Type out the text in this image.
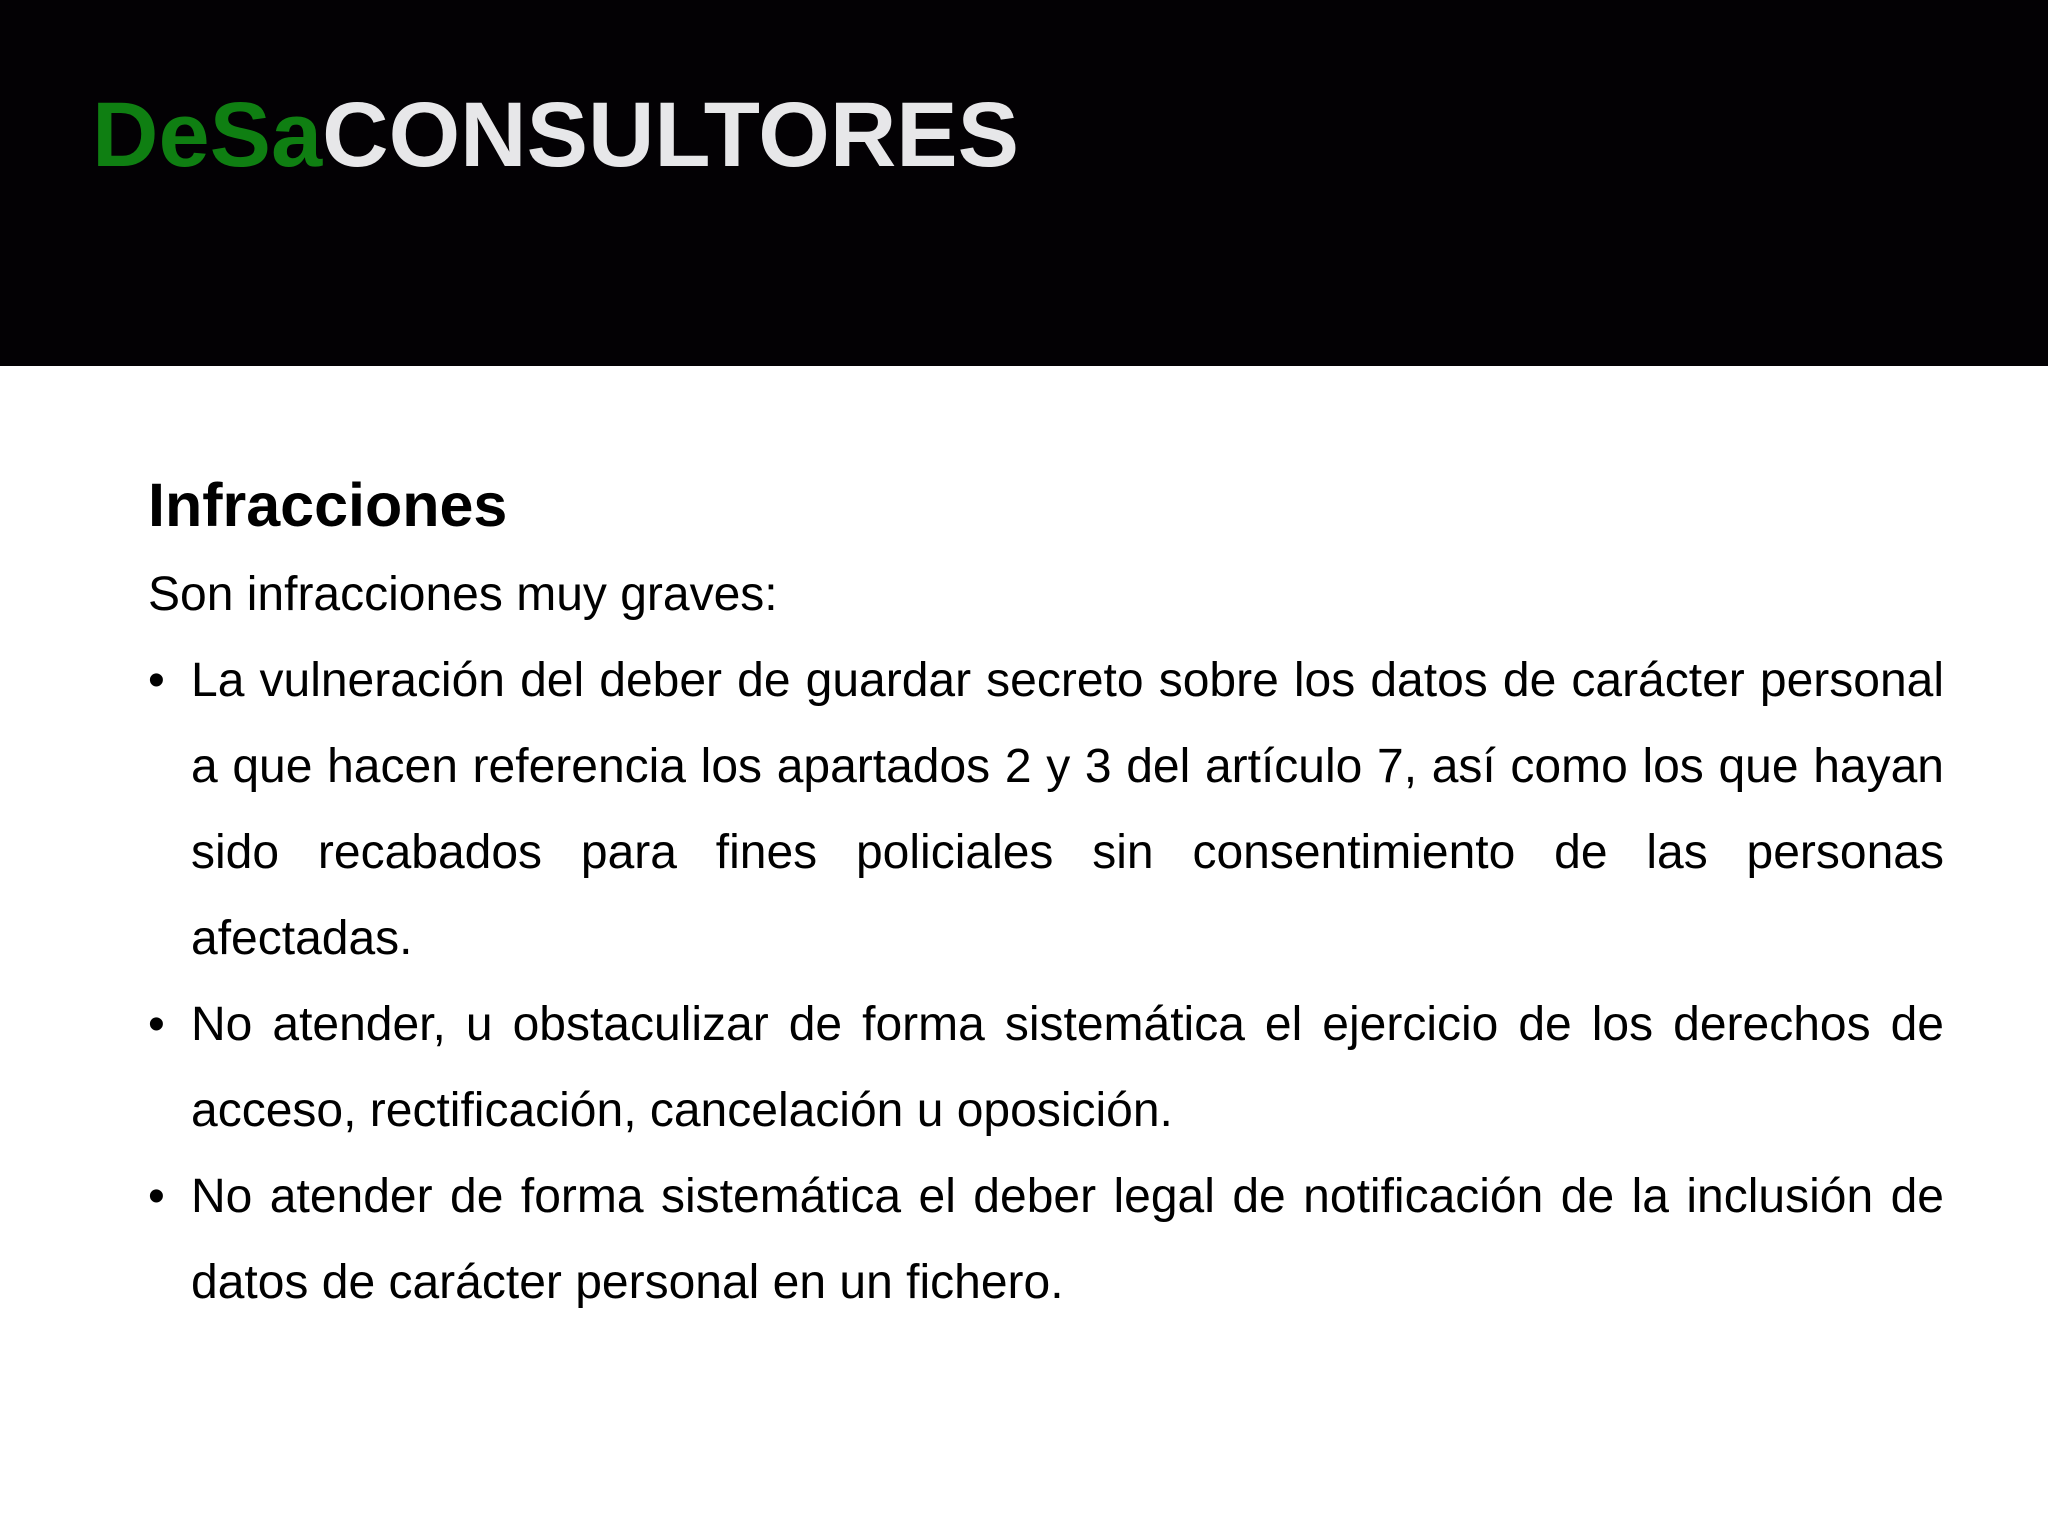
DeSaCONSULTORES
Infracciones
Son infracciones muy graves:
• La vulneración del deber de guardar secreto sobre los datos de carácter personal a que hacen referencia los apartados 2 y 3 del artículo 7, así como los que hayan sido recabados para fines policiales sin consentimiento de las personas afectadas.
• No atender, u obstaculizar de forma sistemática el ejercicio de los derechos de acceso, rectificación, cancelación u oposición.
• No atender de forma sistemática el deber legal de notificación de la inclusión de datos de carácter personal en un fichero.
